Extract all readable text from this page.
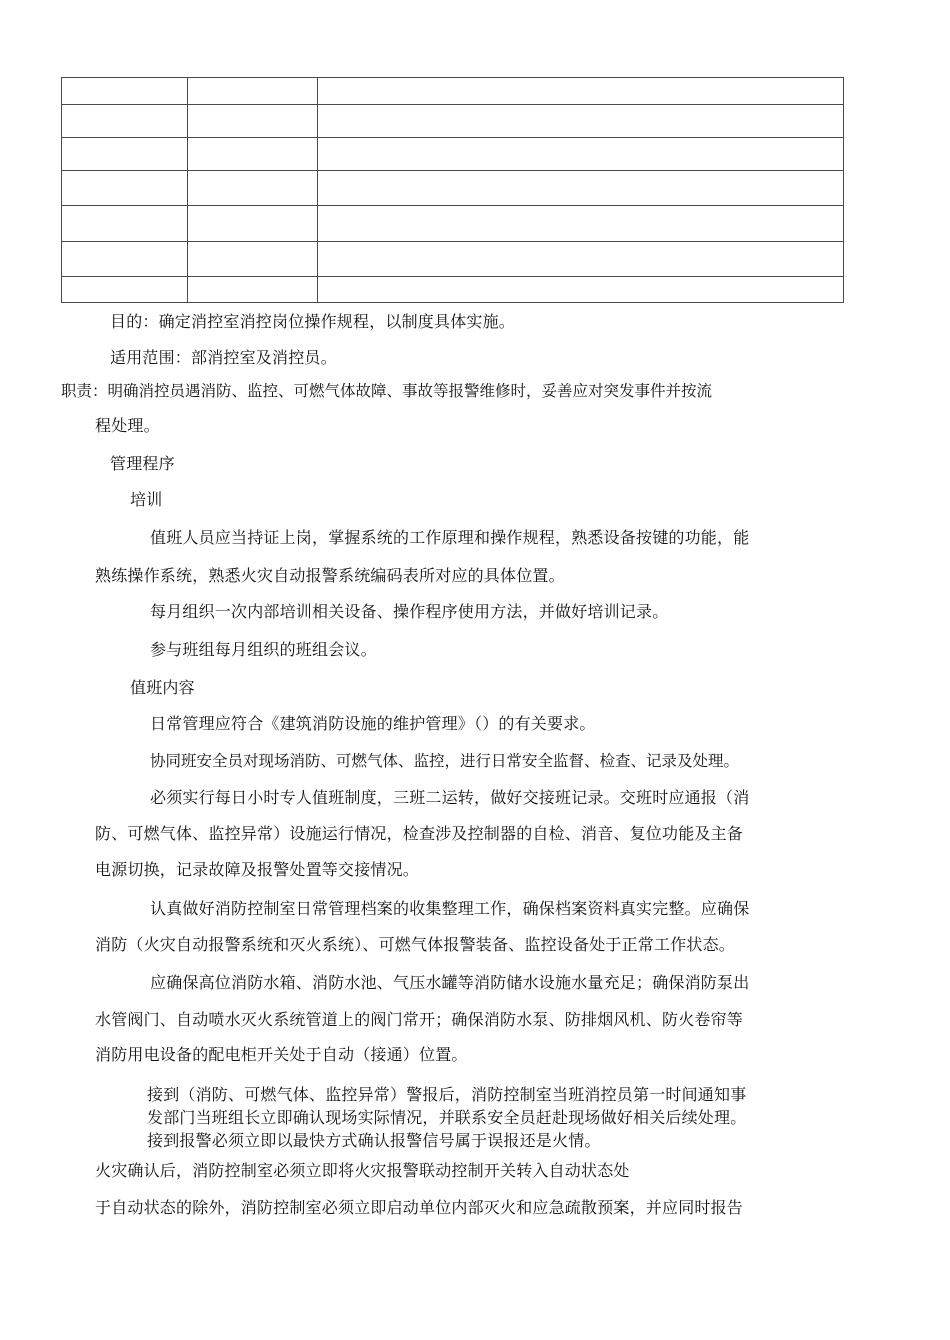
目的：确定消控室消控岗位操作规程，以制度具体实施。
适用范围：部消控室及消控员。
职责：明确消控员遇消防、监控、可燃气体故障、事故等报警维修时，妥善应对突发事件并按流
程处理。
管理程序
培训
值班人员应当持证上岗，掌握系统的工作原理和操作规程，熟悉设备按键的功能，能
熟练操作系统，熟悉火灾自动报警系统编码表所对应的具体位置。
每月组织一次内部培训相关设备、操作程序使用方法，并做好培训记录。
参与班组每月组织的班组会议。
值班内容
日常管理应符合《建筑消防设施的维护管理》（）的有关要求。
协同班安全员对现场消防、可燃气体、监控，进行日常安全监督、检查、记录及处理。
必须实行每日小时专人值班制度，三班二运转，做好交接班记录。交班时应通报（消
防、可燃气体、监控异常）设施运行情况，检查涉及控制器的自检、消音、复位功能及主备
电源切换，记录故障及报警处置等交接情况。
认真做好消防控制室日常管理档案的收集整理工作，确保档案资料真实完整。应确保
消防（火灾自动报警系统和灭火系统）、可燃气体报警装备、监控设备处于正常工作状态。
应确保高位消防水箱、消防水池、气压水罐等消防储水设施水量充足；确保消防泵出
水管阀门、自动喷水灭火系统管道上的阀门常开；确保消防水泵、防排烟风机、防火卷帘等
消防用电设备的配电柜开关处于自动（接通）位置。
接到（消防、可燃气体、监控异常）警报后，消防控制室当班消控员第一时间通知事
发部门当班组长立即确认现场实际情况，并联系安全员赶赴现场做好相关后续处理。
接到报警必须立即以最快方式确认报警信号属于误报还是火情。
火灾确认后，消防控制室必须立即将火灾报警联动控制开关转入自动状态处
于自动状态的除外，消防控制室必须立即启动单位内部灭火和应急疏散预案，并应同时报告
